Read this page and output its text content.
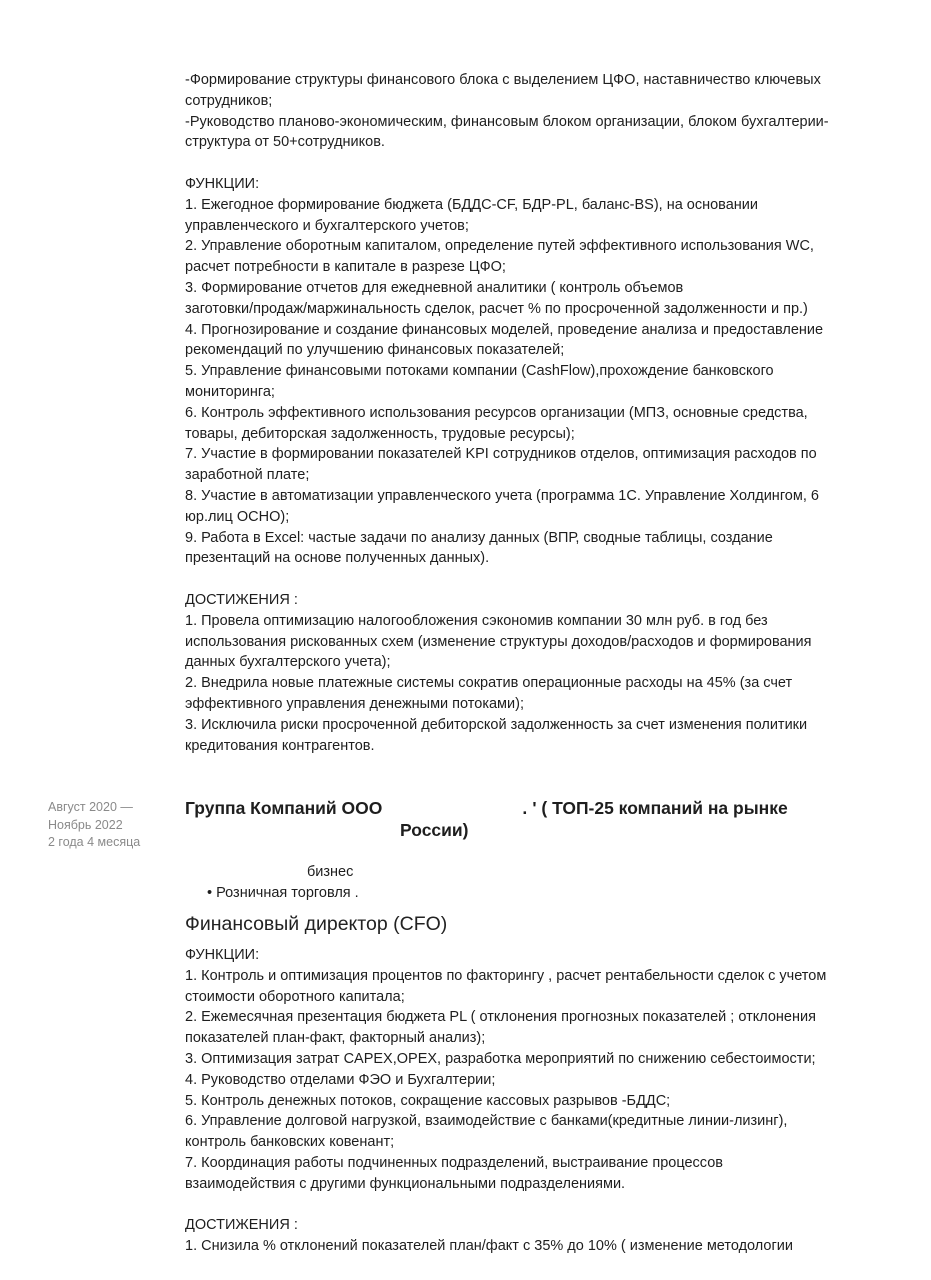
-Формирование структуры финансового блока с выделением ЦФО, наставничество ключевых

сотрудников;

-Руководство планово-экономическим, финансовым блоком организации, блоком бухгалтерии-

структура от 50+сотрудников.

ФУНКЦИИ:

1. Ежегодное формирование бюджета (БДДС-CF, БДР-PL, баланс-BS), на основании

управленческого и бухгалтерского учетов;

2. Управление оборотным капиталом, определение путей эффективного использования WC,

расчет потребности в капитале в разрезе ЦФО;

3. Формирование отчетов для ежедневной аналитики ( контроль объемов

заготовки/продаж/маржинальность сделок, расчет % по просроченной задолженности и пр.)

4. Прогнозирование и создание финансовых моделей, проведение анализа и предоставление

рекомендаций по улучшению финансовых показателей;

5. Управление финансовыми потоками компании (CashFlow),прохождение банковского

мониторинга;

6. Контроль эффективного использования ресурсов организации (МПЗ, основные средства,

товары, дебиторская задолженность, трудовые ресурсы);

7. Участие в формировании показателей KPI сотрудников отделов, оптимизация расходов по

заработной плате;

8. Участие в автоматизации управленческого учета (программа 1С. Управление Холдингом, 6

юр.лиц ОСНО);

9. Работа в Excel: частые задачи по анализу данных (ВПР, сводные таблицы, создание

презентаций на основе полученных данных).

ДОСТИЖЕНИЯ :

1. Провела оптимизацию налогообложения сэкономив компании 30 млн руб. в год без

использования рискованных схем (изменение структуры доходов/расходов и формирования

данных бухгалтерского учета);

2. Внедрила новые платежные системы сократив операционные расходы на 45% (за счет

эффективного управления денежными потоками);

3. Исключила риски просроченной дебиторской задолженность за счет изменения политики

кредитования контрагентов.

Август 2020 —

Ноябрь 2022

2 года 4 месяца

Группа Компаний ООО	. ' ( ТОП-25 компаний на рынке
России)
бизнес
• Розничная торговля .
Финансовый директор (CFO)

ФУНКЦИИ:

1. Контроль и оптимизация процентов по факторингу , расчет рентабельности сделок с учетом

стоимости оборотного капитала;

2. Ежемесячная презентация бюджета PL ( отклонения прогнозных показателей ; отклонения

показателей план-факт, факторный анализ);

3. Оптимизация затрат CAPEX,OPEX, разработка мероприятий по снижению себестоимости;

4. Руководство отделами ФЭО и Бухгалтерии;

5. Контроль денежных потоков, сокращение кассовых разрывов -БДДС;

6. Управление долговой нагрузкой, взаимодействие с банками(кредитные линии-лизинг),

контроль банковских ковенант;

7. Координация работы подчиненных подразделений, выстраивание процессов

взаимодействия с другими функциональными подразделениями.

ДОСТИЖЕНИЯ :

1. Снизила % отклонений показателей план/факт с 35% до 10% ( изменение методологии
